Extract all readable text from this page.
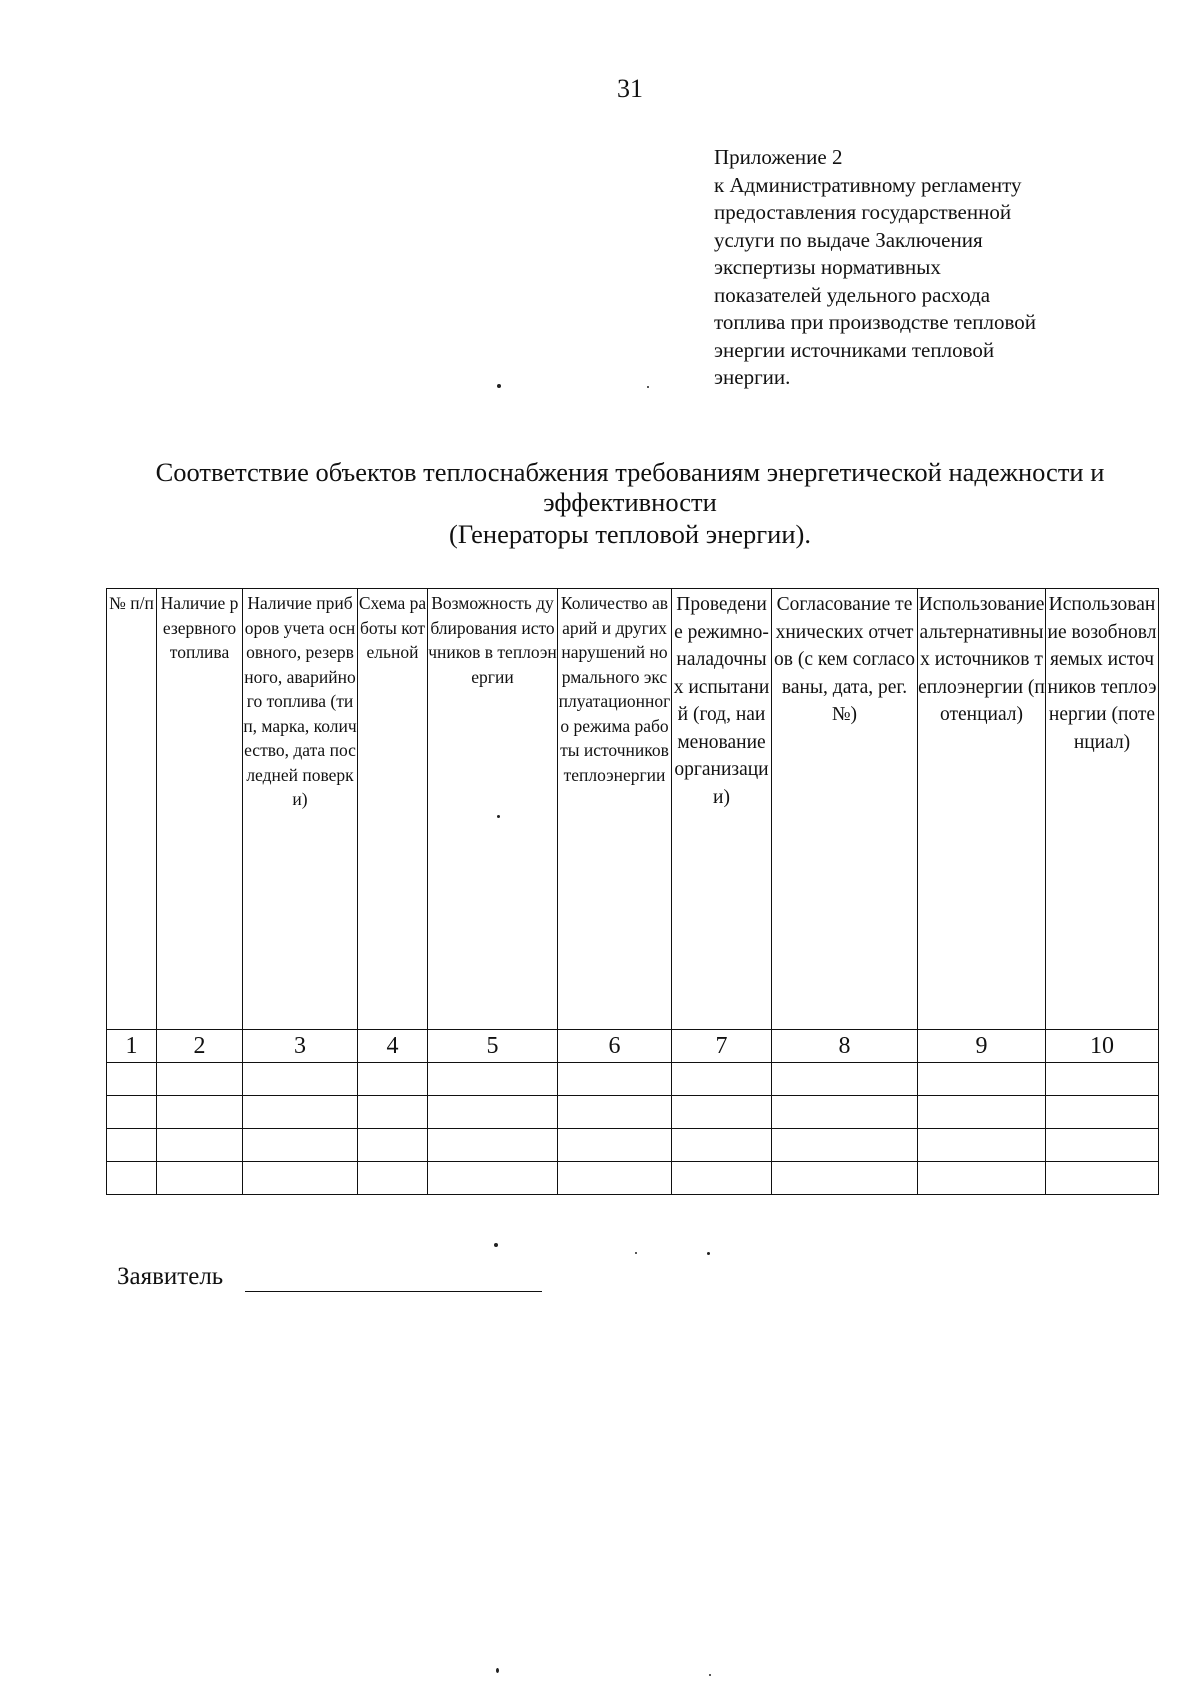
31
Приложение 2
к Административному регламенту
предоставления государственной
услуги по выдаче Заключения
экспертизы нормативных
показателей удельного расхода
топлива при производстве тепловой
энергии источниками тепловой
энергии.
Соответствие объектов теплоснабжения требованиям энергетической надежности и
эффективности
(Генераторы тепловой энергии).
№ п/п	Наличие резервного топлива	Наличие приборов учета основного, резервного, аварийного топлива (тип, марка, количество, дата последней поверки)	Схема работы котельной	Возможность дублирования источников в теплоэнергии	Количество аварий и других нарушений нормального эксплуатационного режима работы источников теплоэнергии	Проведение режимно-наладочных испытаний (год, наименование организации)	Согласование технических отчетов (с кем согласованы, дата, рег.№)	Использование альтернативных источников теплоэнергии (потенциал)	Использование возобновляемых источников теплоэнергии (потенциал)
1	2	3	4	5	6	7	8	9	10

Заявитель
